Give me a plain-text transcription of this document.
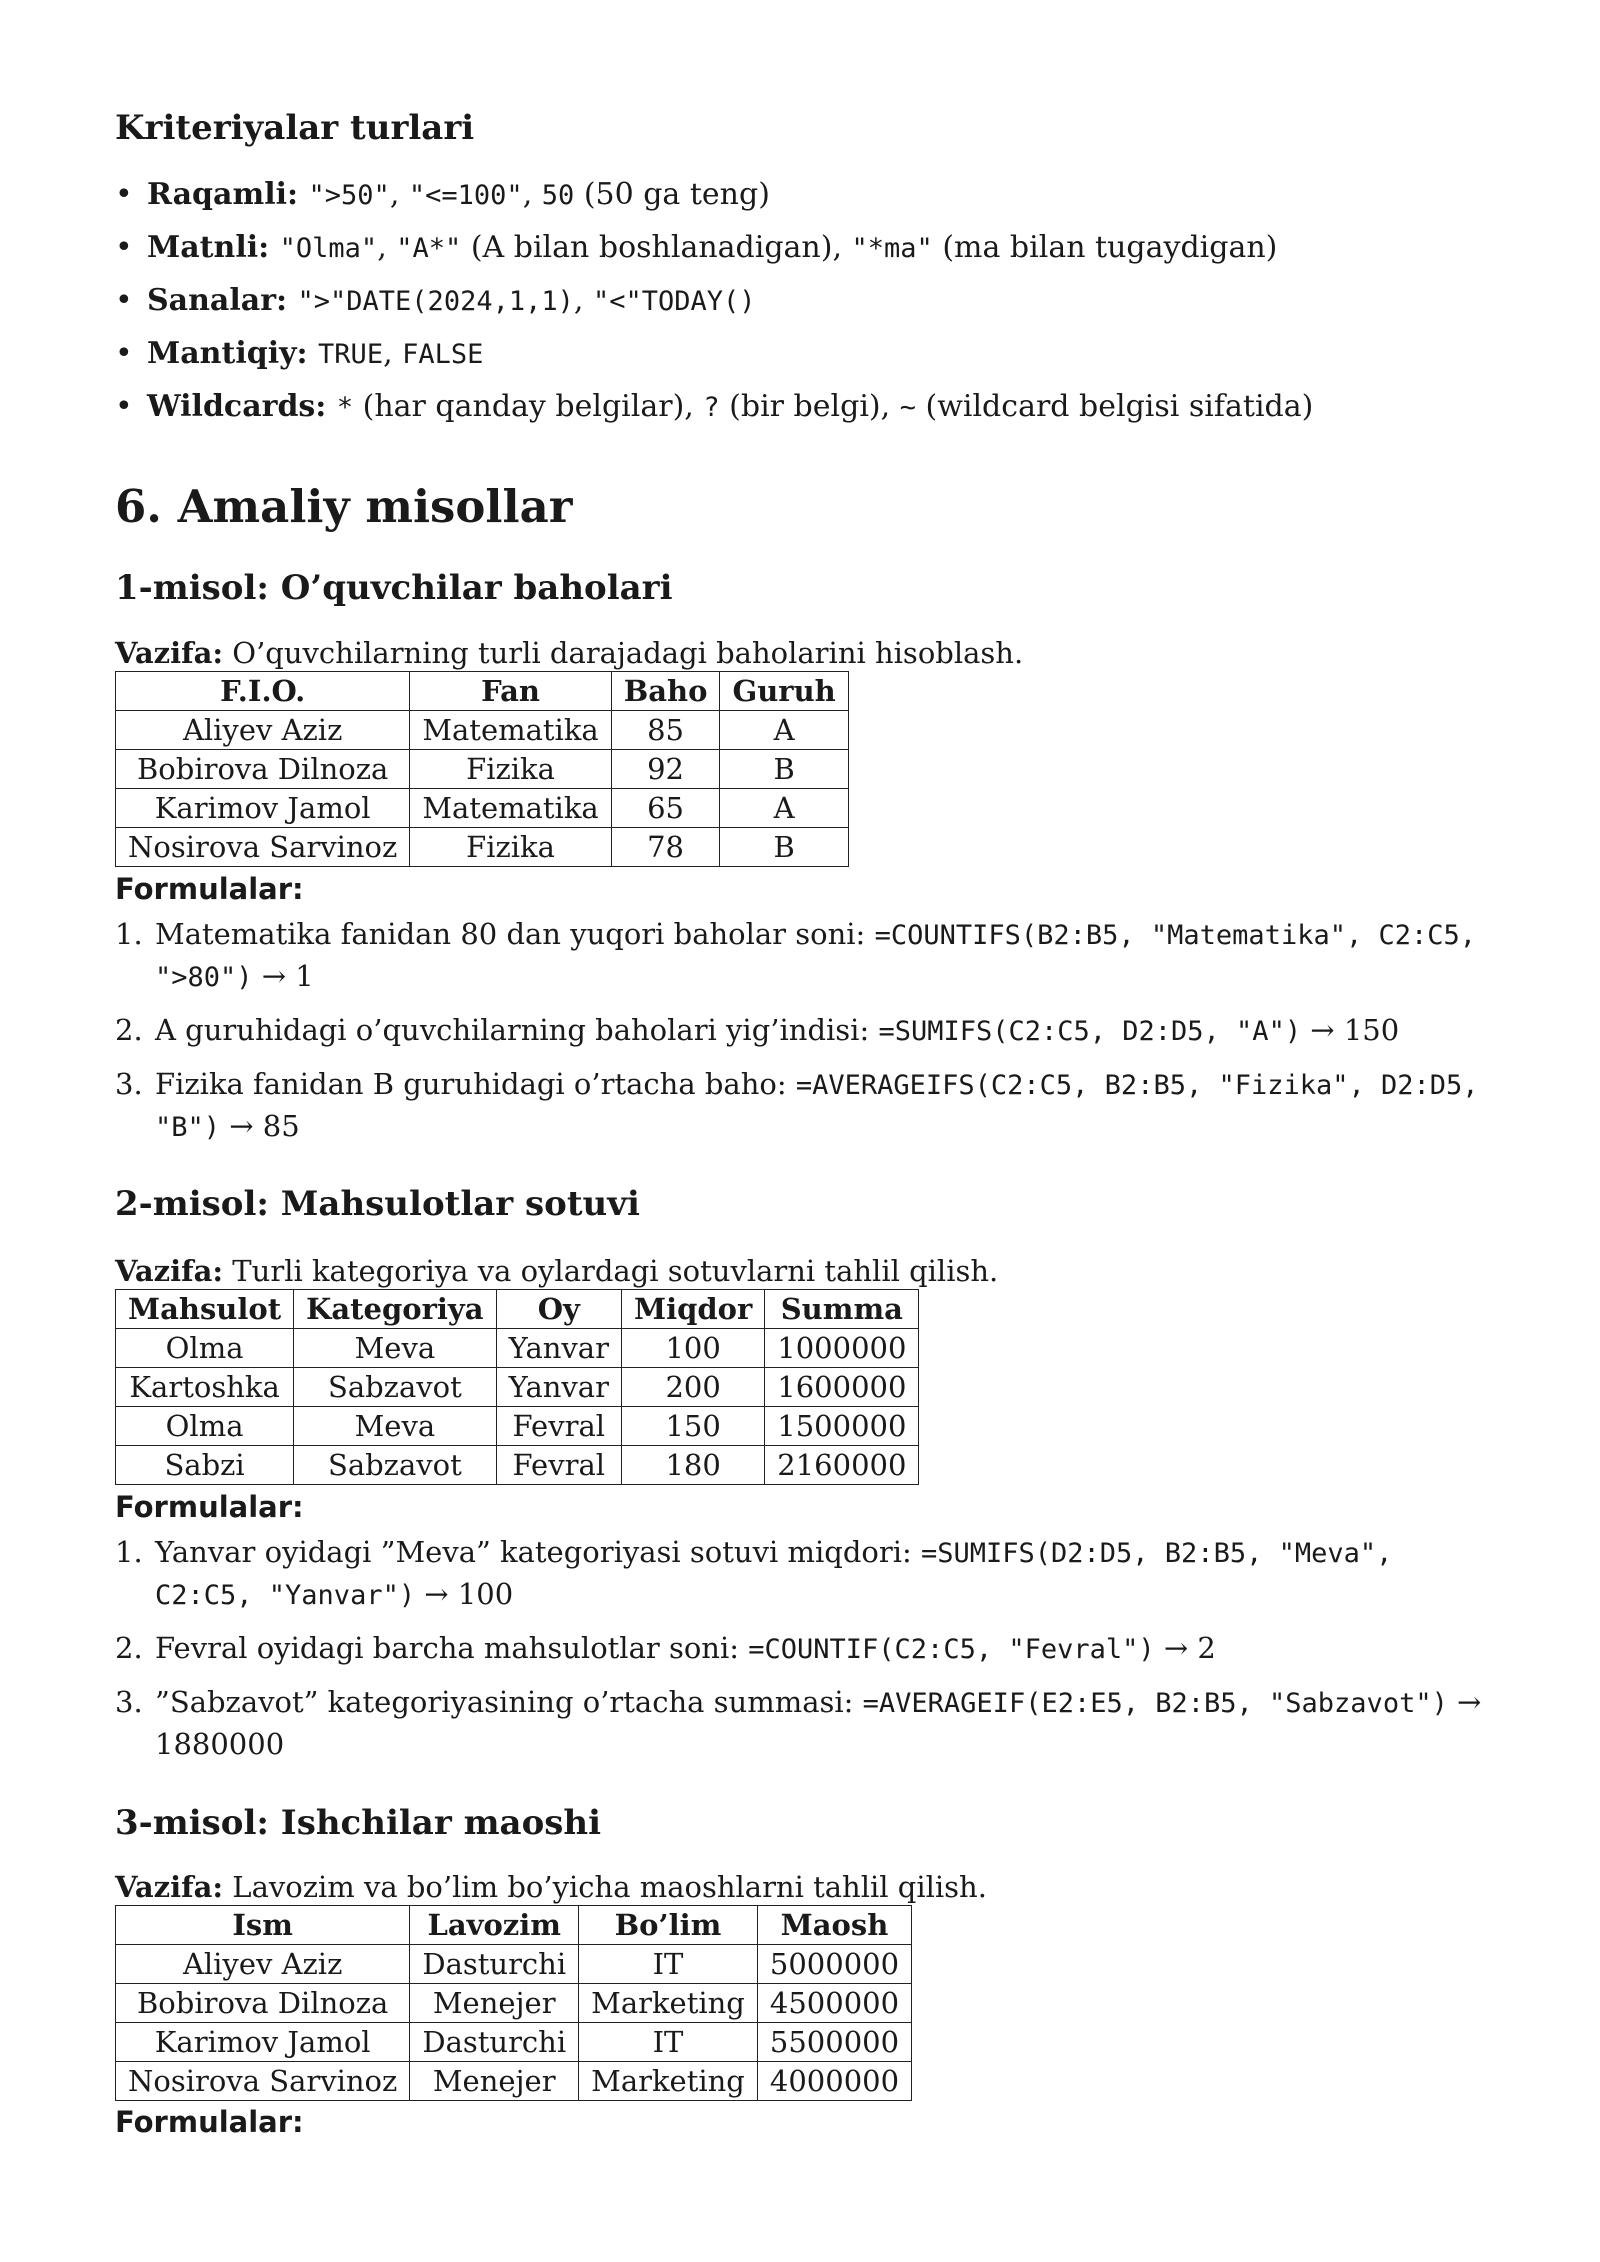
Kriteriyalar turlari
• Raqamli: ">50", "<=100", 50 (50 ga teng)
• Matnli: "Olma", "A*" (A bilan boshlanadigan), "*ma" (ma bilan tugaydigan)
• Sanalar: ">"DATE(2024,1,1), "<"TODAY()
• Mantiqiy: TRUE, FALSE
• Wildcards: * (har qanday belgilar), ? (bir belgi), ~ (wildcard belgisi sifatida)
6. Amaliy misollar
1-misol: O’quvchilar baholari

Vazifa: O’quvchilarning turli darajadagi baholarini hisoblash.

F.I.O.	Fan	Baho	Guruh
Aliyev Aziz	Matematika	85	A
Bobirova Dilnoza	Fizika	92	B
Karimov Jamol	Matematika	65	A
Nosirova Sarvinoz	Fizika	78	B

Formulalar:

1. Matematika fanidan 80 dan yuqori baholar soni: =COUNTIFS(B2:B5, "Matematika", C2:C5, ">80") → 1
2. A guruhidagi o’quvchilarning baholari yig’indisi: =SUMIFS(C2:C5, D2:D5, "A") → 150
3. Fizika fanidan B guruhidagi o’rtacha baho: =AVERAGEIFS(C2:C5, B2:B5, "Fizika", D2:D5, "B") → 85
2-misol: Mahsulotlar sotuvi

Vazifa: Turli kategoriya va oylardagi sotuvlarni tahlil qilish.

Mahsulot	Kategoriya	Oy	Miqdor	Summa
Olma	Meva	Yanvar	100	1000000
Kartoshka	Sabzavot	Yanvar	200	1600000
Olma	Meva	Fevral	150	1500000
Sabzi	Sabzavot	Fevral	180	2160000

Formulalar:

1. Yanvar oyidagi ”Meva” kategoriyasi sotuvi miqdori: =SUMIFS(D2:D5, B2:B5, "Meva", C2:C5, "Yanvar") → 100
2. Fevral oyidagi barcha mahsulotlar soni: =COUNTIF(C2:C5, "Fevral") → 2
3. ”Sabzavot” kategoriyasining o’rtacha summasi: =AVERAGEIF(E2:E5, B2:B5, "Sabzavot") → 1880000
3-misol: Ishchilar maoshi

Vazifa: Lavozim va bo’lim bo’yicha maoshlarni tahlil qilish.

Ism	Lavozim	Bo’lim	Maosh
Aliyev Aziz	Dasturchi	IT	5000000
Bobirova Dilnoza	Menejer	Marketing	4500000
Karimov Jamol	Dasturchi	IT	5500000
Nosirova Sarvinoz	Menejer	Marketing	4000000

Formulalar:
